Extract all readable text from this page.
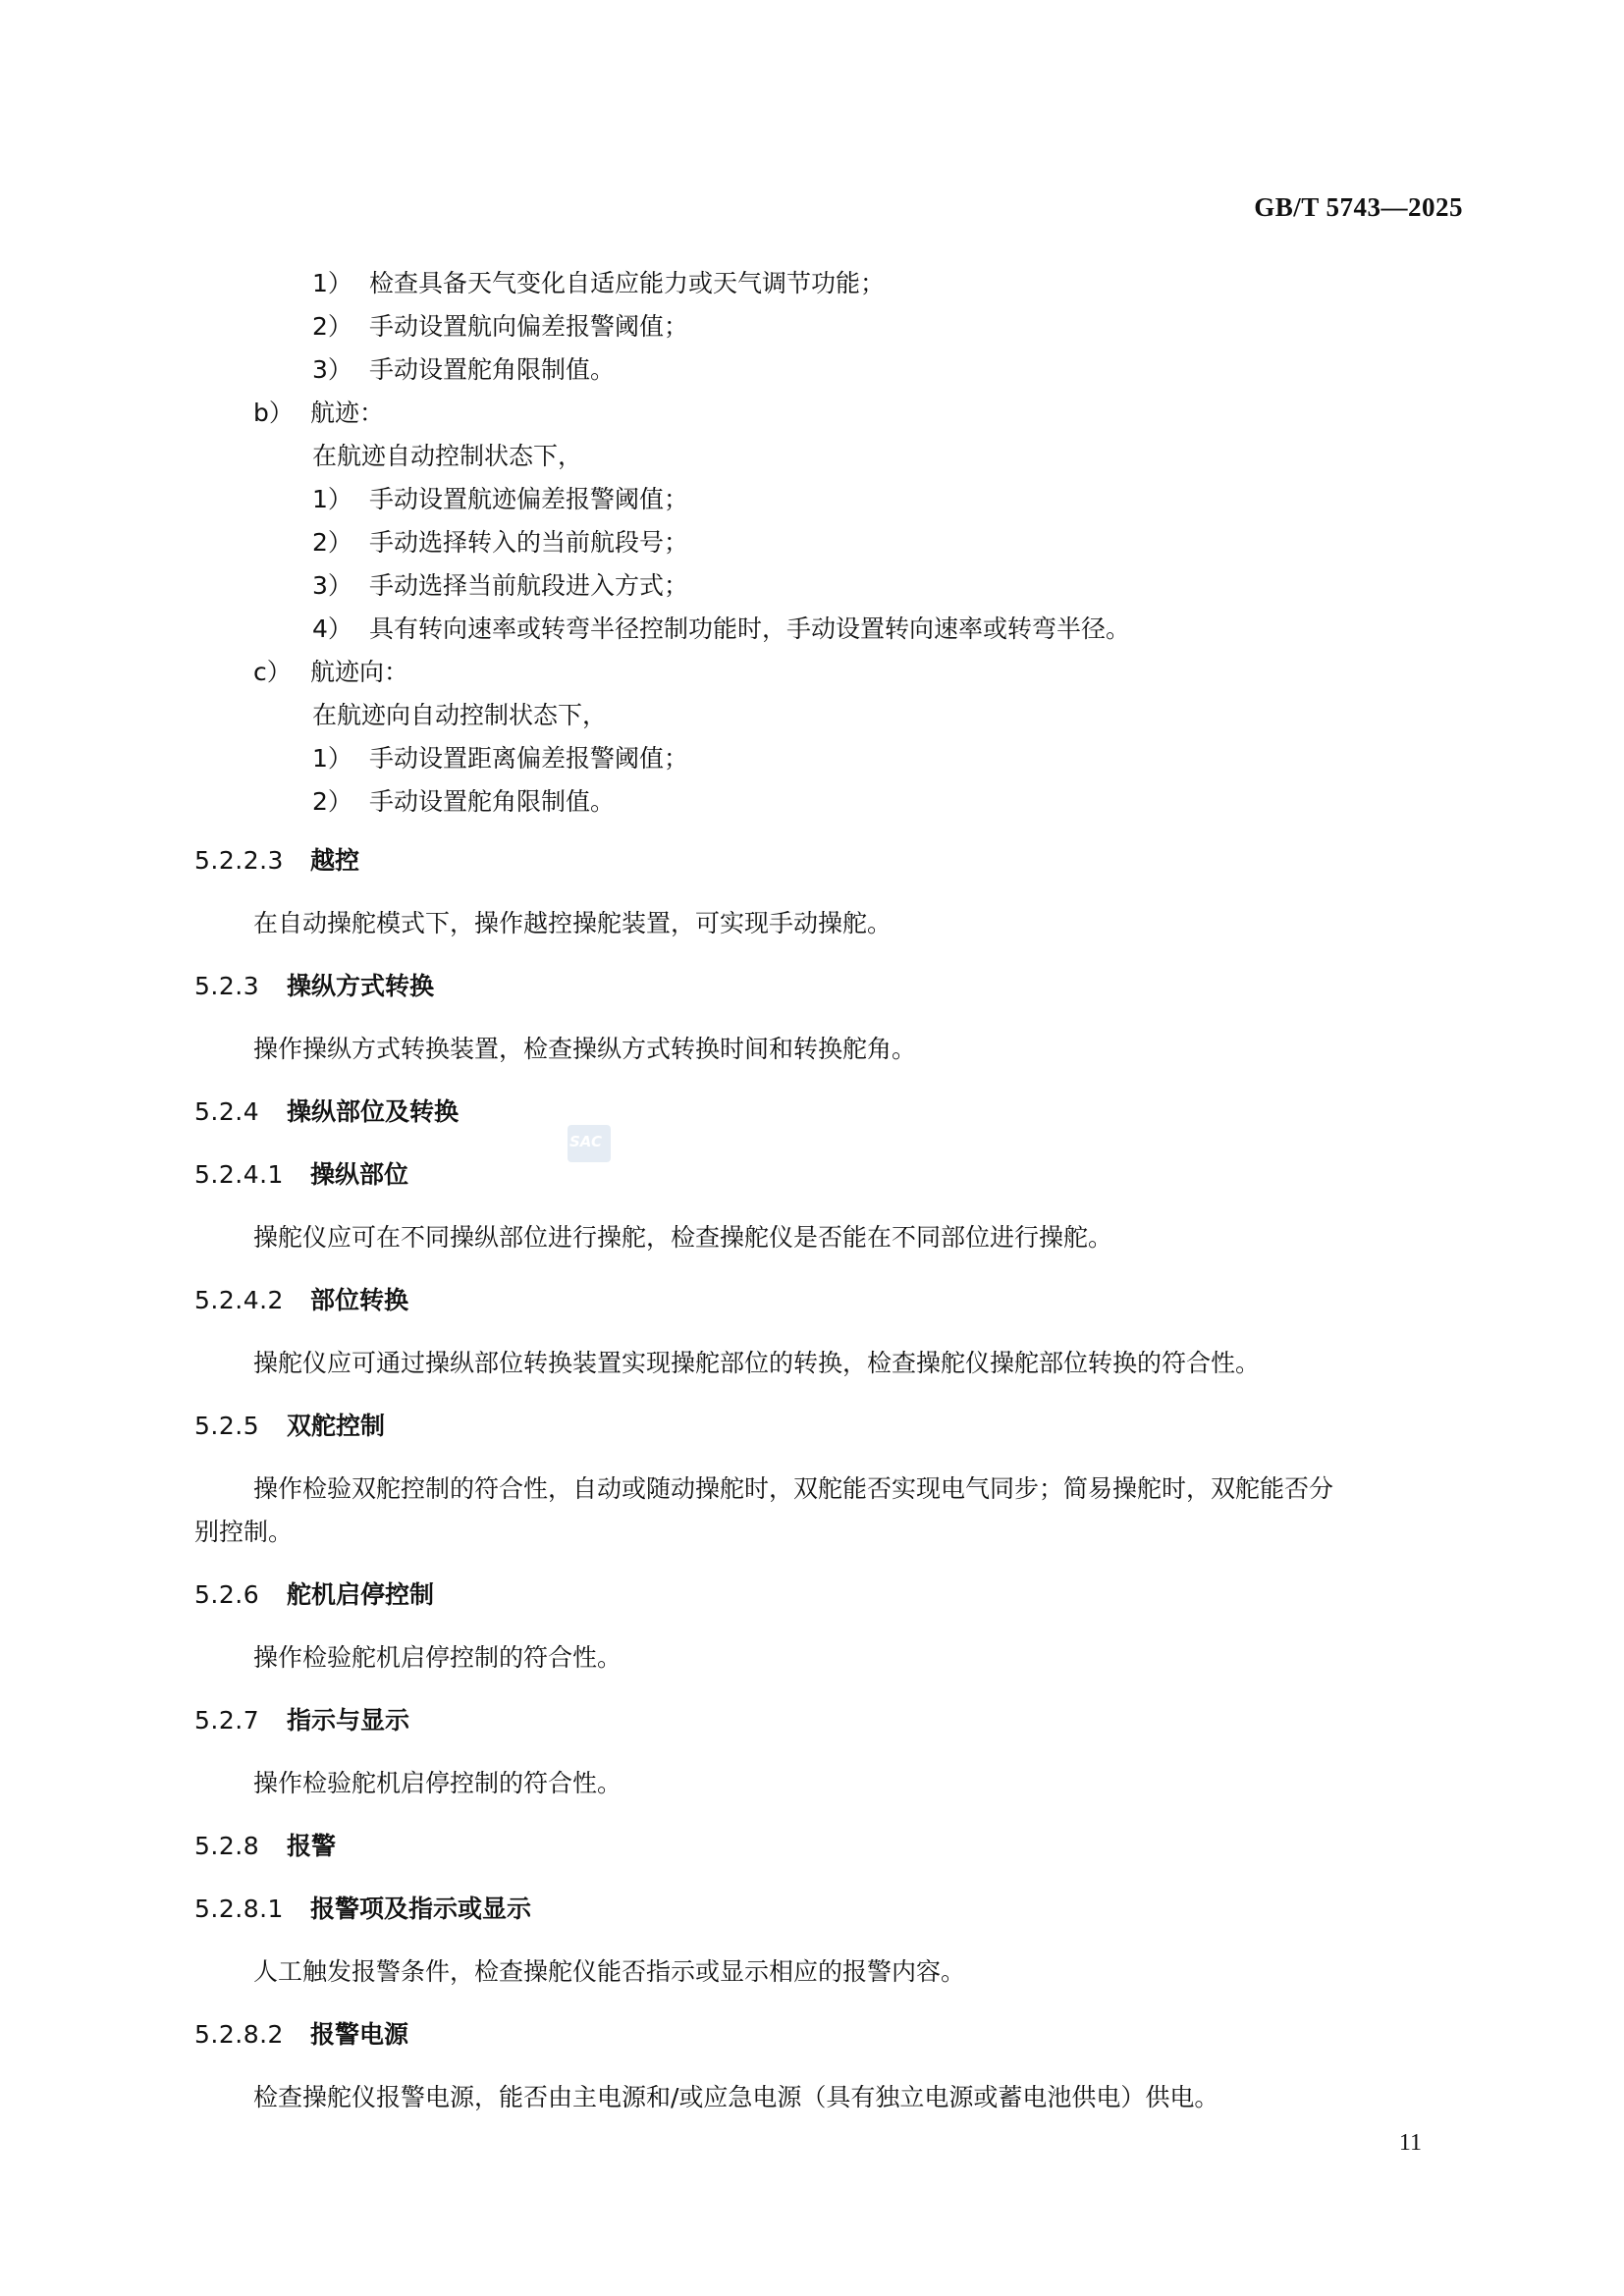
GB/T 5743—2025
1） 检查具备天气变化自适应能力或天气调节功能；
2） 手动设置航向偏差报警阈值；
3） 手动设置舵角限制值。
b） 航迹：
在航迹自动控制状态下，
1） 手动设置航迹偏差报警阈值；
2） 手动选择转入的当前航段号；
3） 手动选择当前航段进入方式；
4） 具有转向速率或转弯半径控制功能时，手动设置转向速率或转弯半径。
c） 航迹向：
在航迹向自动控制状态下，
1） 手动设置距离偏差报警阈值；
2） 手动设置舵角限制值。
5.2.2.3 越控
在自动操舵模式下，操作越控操舵装置，可实现手动操舵。
5.2.3 操纵方式转换
操作操纵方式转换装置，检查操纵方式转换时间和转换舵角。
5.2.4 操纵部位及转换
SAC
5.2.4.1 操纵部位
操舵仪应可在不同操纵部位进行操舵，检查操舵仪是否能在不同部位进行操舵。
5.2.4.2 部位转换
操舵仪应可通过操纵部位转换装置实现操舵部位的转换，检查操舵仪操舵部位转换的符合性。
5.2.5 双舵控制
操作检验双舵控制的符合性，自动或随动操舵时，双舵能否实现电气同步；简易操舵时，双舵能否分
别控制。
5.2.6 舵机启停控制
操作检验舵机启停控制的符合性。
5.2.7 指示与显示
操作检验舵机启停控制的符合性。
5.2.8 报警
5.2.8.1 报警项及指示或显示
人工触发报警条件，检查操舵仪能否指示或显示相应的报警内容。
5.2.8.2 报警电源
检查操舵仪报警电源，能否由主电源和/或应急电源（具有独立电源或蓄电池供电）供电。
11
